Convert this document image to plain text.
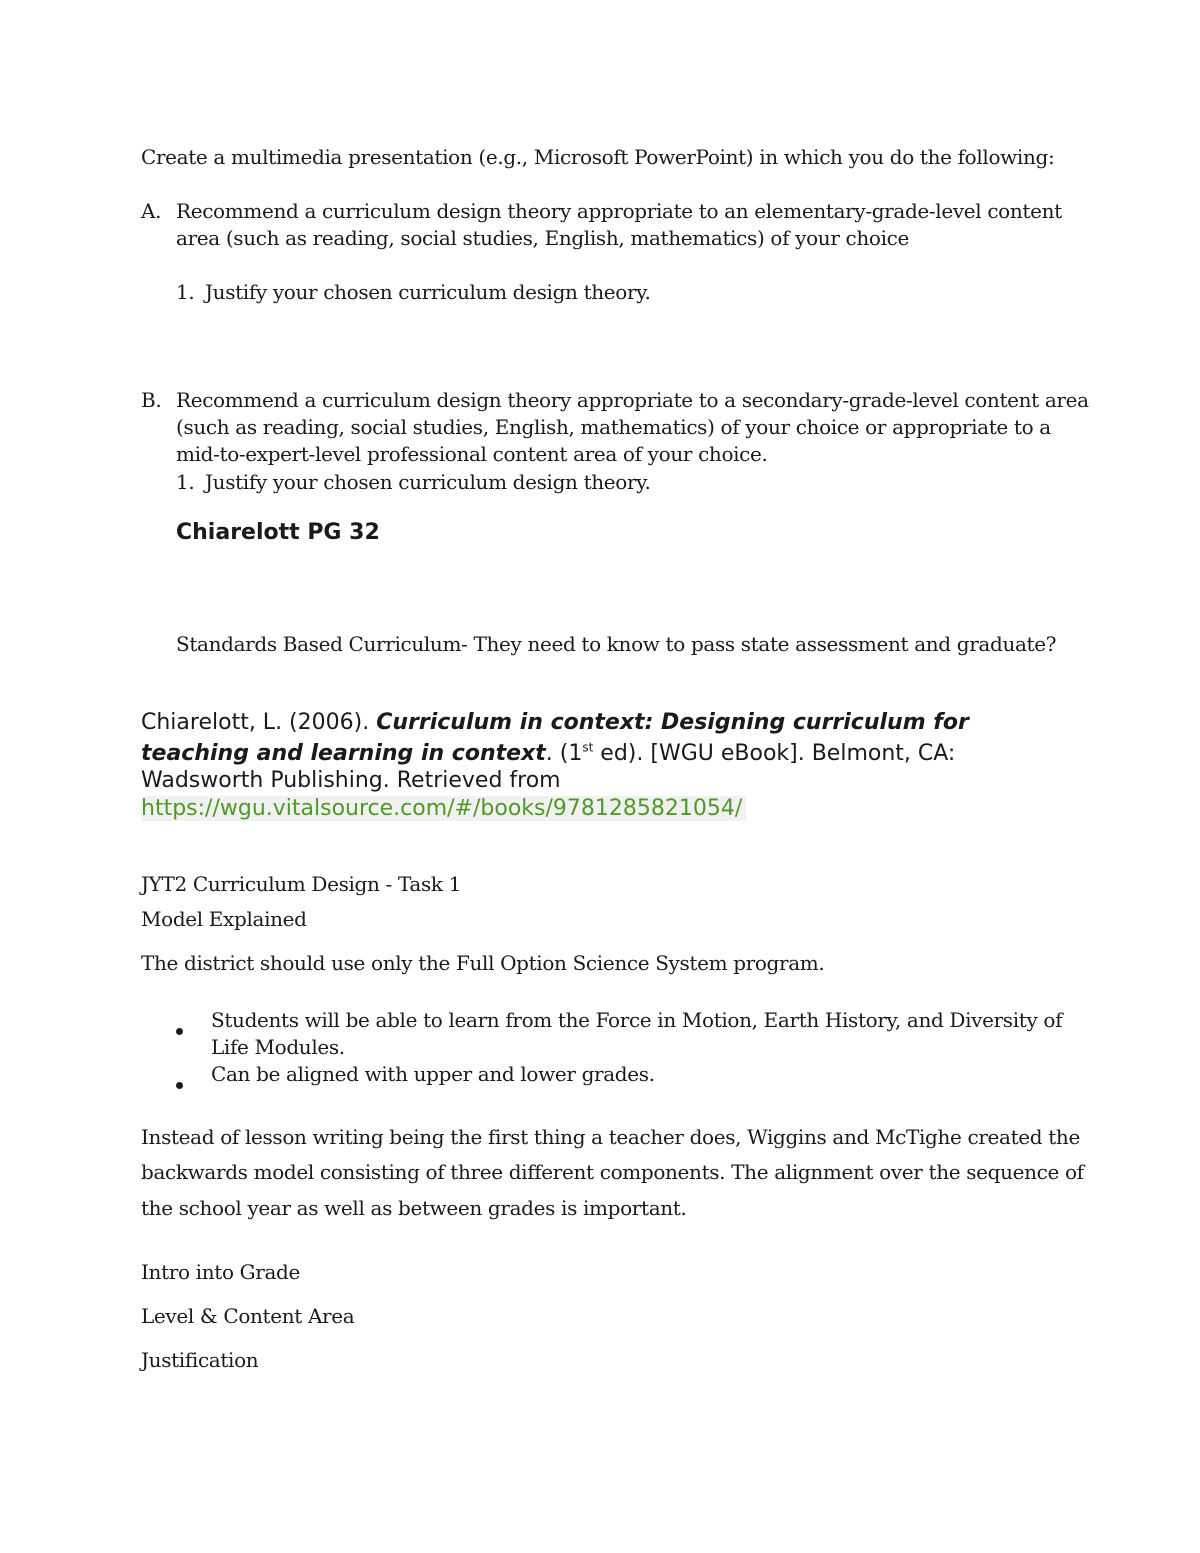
Create a multimedia presentation (e.g., Microsoft PowerPoint) in which you do the following:
A. Recommend a curriculum design theory appropriate to an elementary-grade-level content
area (such as reading, social studies, English, mathematics) of your choice
1. Justify your chosen curriculum design theory.
B. Recommend a curriculum design theory appropriate to a secondary-grade-level content area
(such as reading, social studies, English, mathematics) of your choice or appropriate to a
mid-to-expert-level professional content area of your choice.
1. Justify your chosen curriculum design theory.
Chiarelott PG 32
Standards Based Curriculum- They need to know to pass state assessment and graduate?
Chiarelott, L. (2006). Curriculum in context: Designing curriculum for
teaching and learning in context. (1st ed). [WGU eBook]. Belmont, CA:
Wadsworth Publishing. Retrieved from
https://wgu.vitalsource.com/#/books/9781285821054/
JYT2 Curriculum Design - Task 1
Model Explained
The district should use only the Full Option Science System program.
Students will be able to learn from the Force in Motion, Earth History, and Diversity of
Life Modules.
Can be aligned with upper and lower grades.
Instead of lesson writing being the first thing a teacher does, Wiggins and McTighe created the
backwards model consisting of three different components. The alignment over the sequence of
the school year as well as between grades is important.
Intro into Grade
Level & Content Area
Justification
